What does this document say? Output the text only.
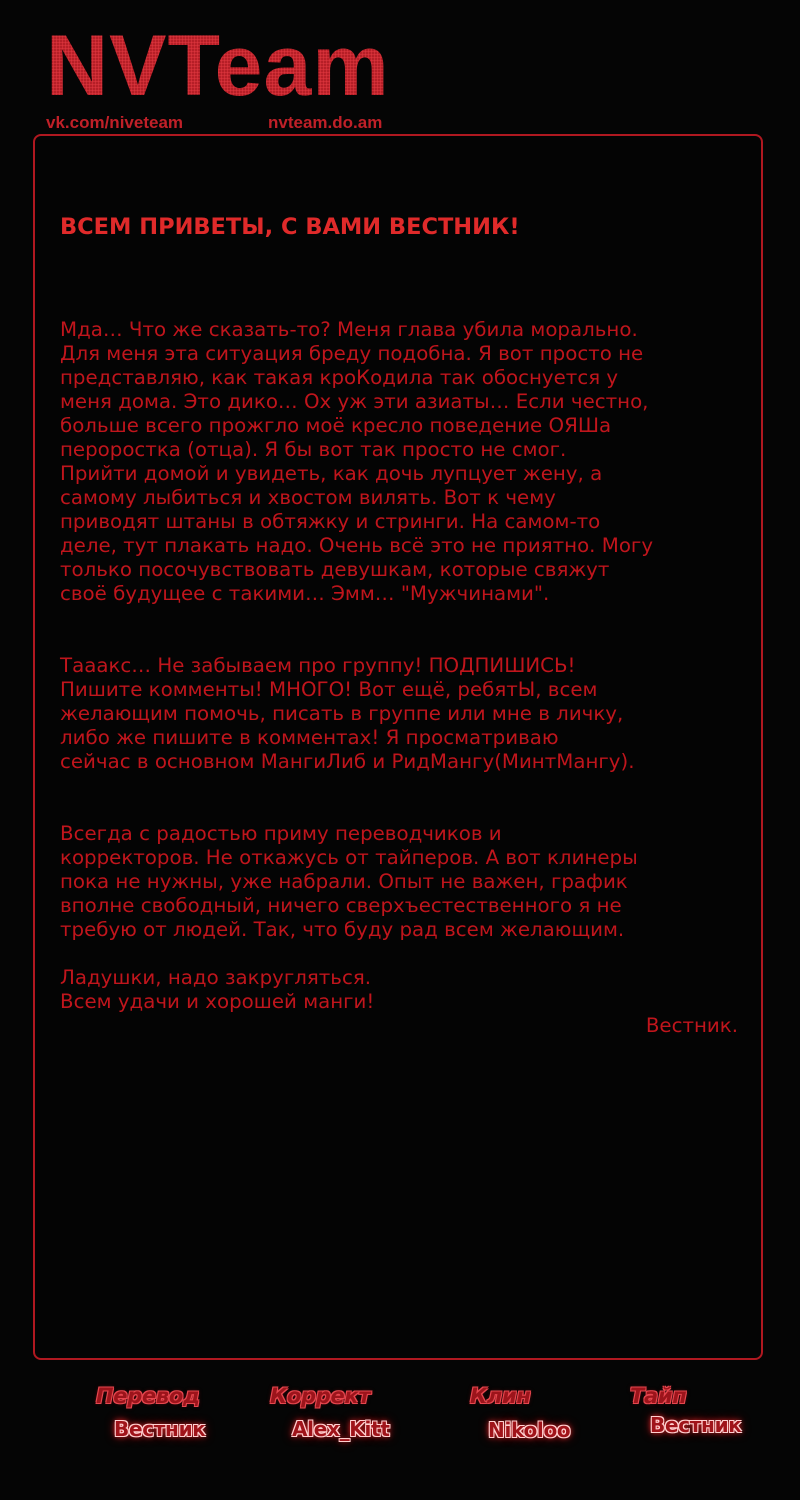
NVTeam
vk.com/niveteam	nvteam.do.am
ВСЕМ ПРИВЕТЫ, С ВАМИ ВЕСТНИК!

Мда… Что же сказать-то? Меня глава убила морально.
Для меня эта ситуация бреду подобна. Я вот просто не
представляю, как такая кроКодила так обоснуется у
меня дома. Это дико… Ох уж эти азиаты… Если честно,
больше всего прожгло моё кресло поведение ОЯШа
пероростка (отца). Я бы вот так просто не смог.
Прийти домой и увидеть, как дочь лупцует жену, а
самому лыбиться и хвостом вилять. Вот к чему
приводят штаны в обтяжку и стринги. На самом-то
деле, тут плакать надо. Очень всё это не приятно. Могу
только посочувствовать девушкам, которые свяжут
своё будущее с такими… Эмм… "Мужчинами".

Тааакс… Не забываем про группу! ПОДПИШИСЬ!
Пишите комменты! МНОГО! Вот ещё, ребятЫ, всем
желающим помочь, писать в группе или мне в личку,
либо же пишите в комментах! Я просматриваю
сейчас в основном МангиЛиб и РидМангу(МинтМангу).

Всегда с радостью приму переводчиков и
корректоров. Не откажусь от тайперов. А вот клинеры
пока не нужны, уже набрали. Опыт не важен, график
вполне свободный, ничего сверхъестественного я не
требую от людей. Так, что буду рад всем желающим.

Ладушки, надо закругляться.
Всем удачи и хорошей манги!

Вестник.
Перевод
Вестник
Коррект
Alex_Kitt
Клин
Nikoloo
Тайп
Вестник
